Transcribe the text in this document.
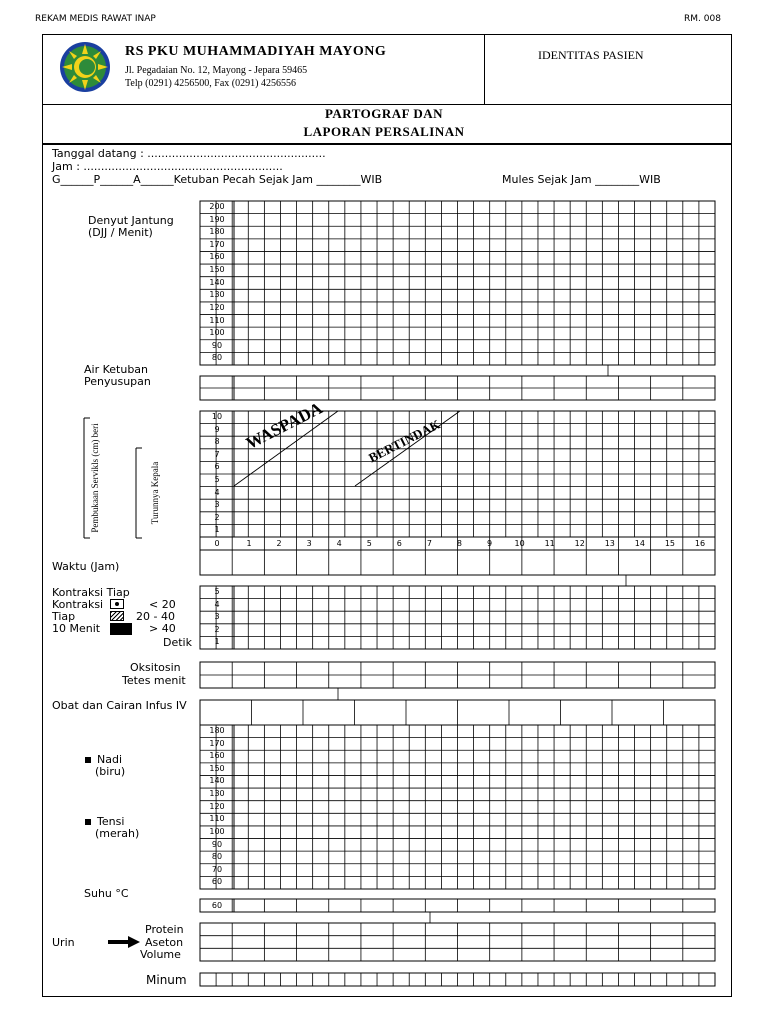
REKAM MEDIS RAWAT INAP	RM. 008
RS PKU MUHAMMADIYAH MAYONG
Jl. Pegadaian No. 12, Mayong - Jepara 59465
Telp (0291) 4256500, Fax (0291) 4256556
IDENTITAS PASIEN
PARTOGRAF DAN
LAPORAN PERSALINAN
Tanggal datang : ...................................................
Jam : .........................................................
G______P______A______Ketuban Pecah Sejak Jam ________WIB	Mules Sejak Jam ________WIB
Denyut Jantung
(DJJ / Menit)
Air Ketuban
Penyusupan
Pembukaan Servikls (cm) beri	Turunnya Kepala
Waktu (Jam)
Kontraksi Tiap
Kontraksi
Tiap
10 Menit
< 20
20 - 40
> 40
Detik
Oksitosin
Tetes menit
Obat dan Cairan Infus IV
Nadi
(biru)
Tensi
(merah)
Suhu °C
Urin
Protein
Aseton
Volume
Minum
200
190
180
170
160
150
140
130
120
110
100
90
80
10
9
8
7
6
5
4
3
2
1
0	1	2	3	4	5	6	7	8	9	10	11	12	13	14	15	16
5
4
3
2
1
180
170
160
150
140
130
120
110
100
90
80
70
60
60
WASPADA	BERTINDAK
